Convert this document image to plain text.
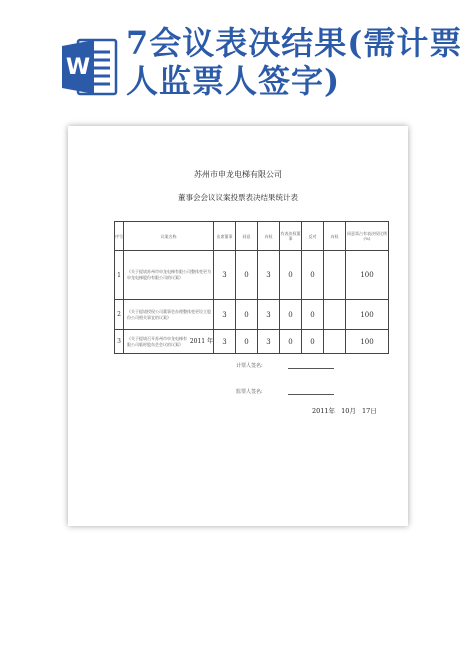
W
7会议表决结果(需计票人监票人签字)
苏州市申龙电梯有限公司
董事会会议议案投票表决结果统计表
序号	议案名称	出席董事	同意	弃权	有表决权董事	反对	弃权	同意票占有表决权比例(%)
1	《关于提请苏州市申龙电梯有限公司整体变更为申龙电梯股份有限公司的议案》	3	0	3	0	0		100
2	《关于提请授权公司董事会办理整体变更设立股份公司相关事宜的议案》	3	0	3	0	0		100
3	《关于提请召开苏州市申龙电梯有限公司临时股东会会议的议案》 2011 年	3	0	3	0	0		100
计票人签名:
监票人签名:
2011年 10月 17日
